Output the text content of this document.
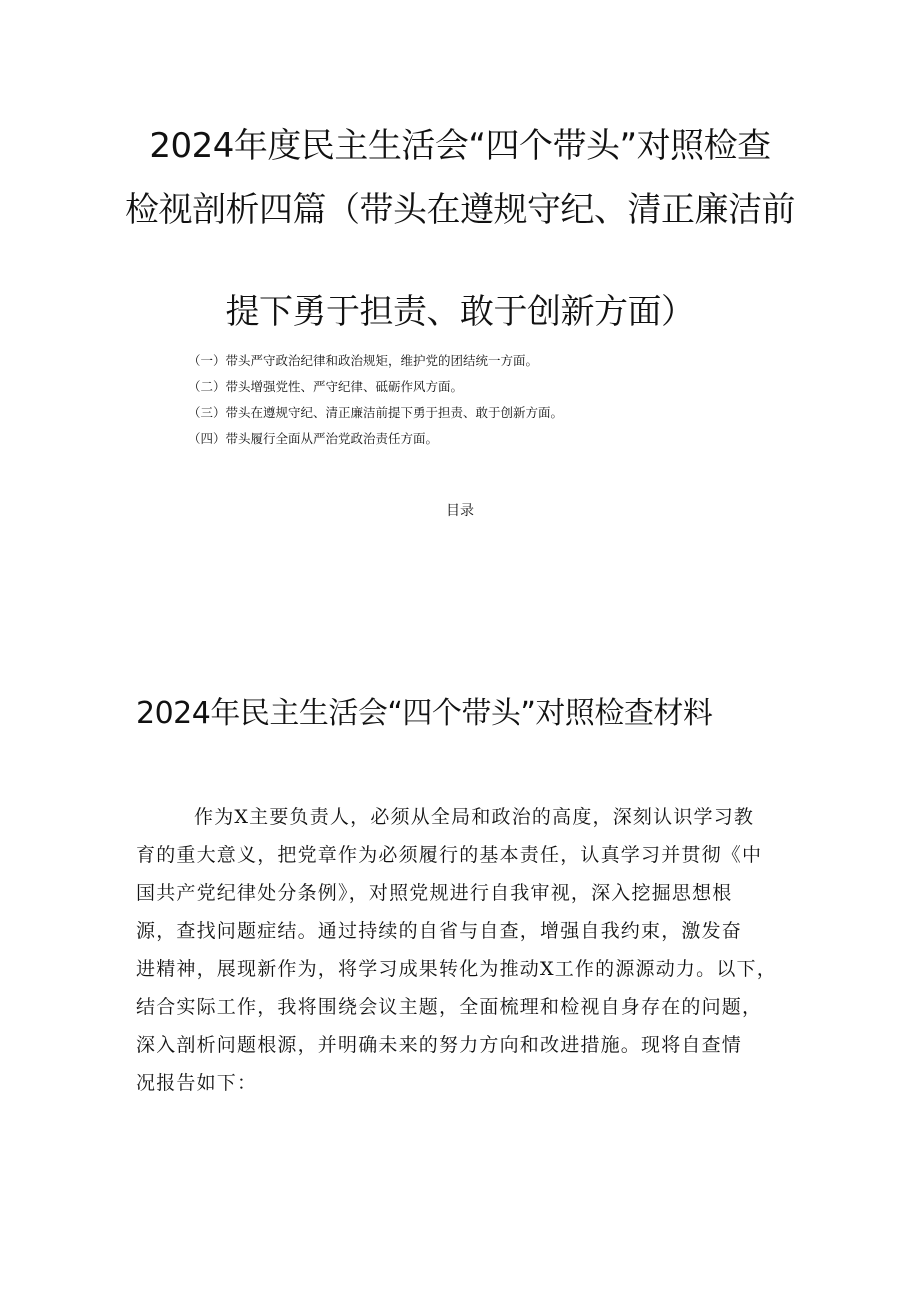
2024年度民主生活会“四个带头”对照检查
检视剖析四篇（带头在遵规守纪、清正廉洁前
提下勇于担责、敢于创新方面）
（一）带头严守政治纪律和政治规矩，维护党的团结统一方面。
（二）带头增强党性、严守纪律、砥砺作风方面。
（三）带头在遵规守纪、清正廉洁前提下勇于担责、敢于创新方面。
（四）带头履行全面从严治党政治责任方面。
目录
2024年民主生活会“四个带头”对照检查材料
作为X主要负责人，必须从全局和政治的高度，深刻认识学习教
育的重大意义，把党章作为必须履行的基本责任，认真学习并贯彻《中
国共产党纪律处分条例》，对照党规进行自我审视，深入挖掘思想根
源，查找问题症结。通过持续的自省与自查，增强自我约束，激发奋
进精神，展现新作为，将学习成果转化为推动X工作的源源动力。以下，
结合实际工作，我将围绕会议主题，全面梳理和检视自身存在的问题，
深入剖析问题根源，并明确未来的努力方向和改进措施。现将自查情
况报告如下：
